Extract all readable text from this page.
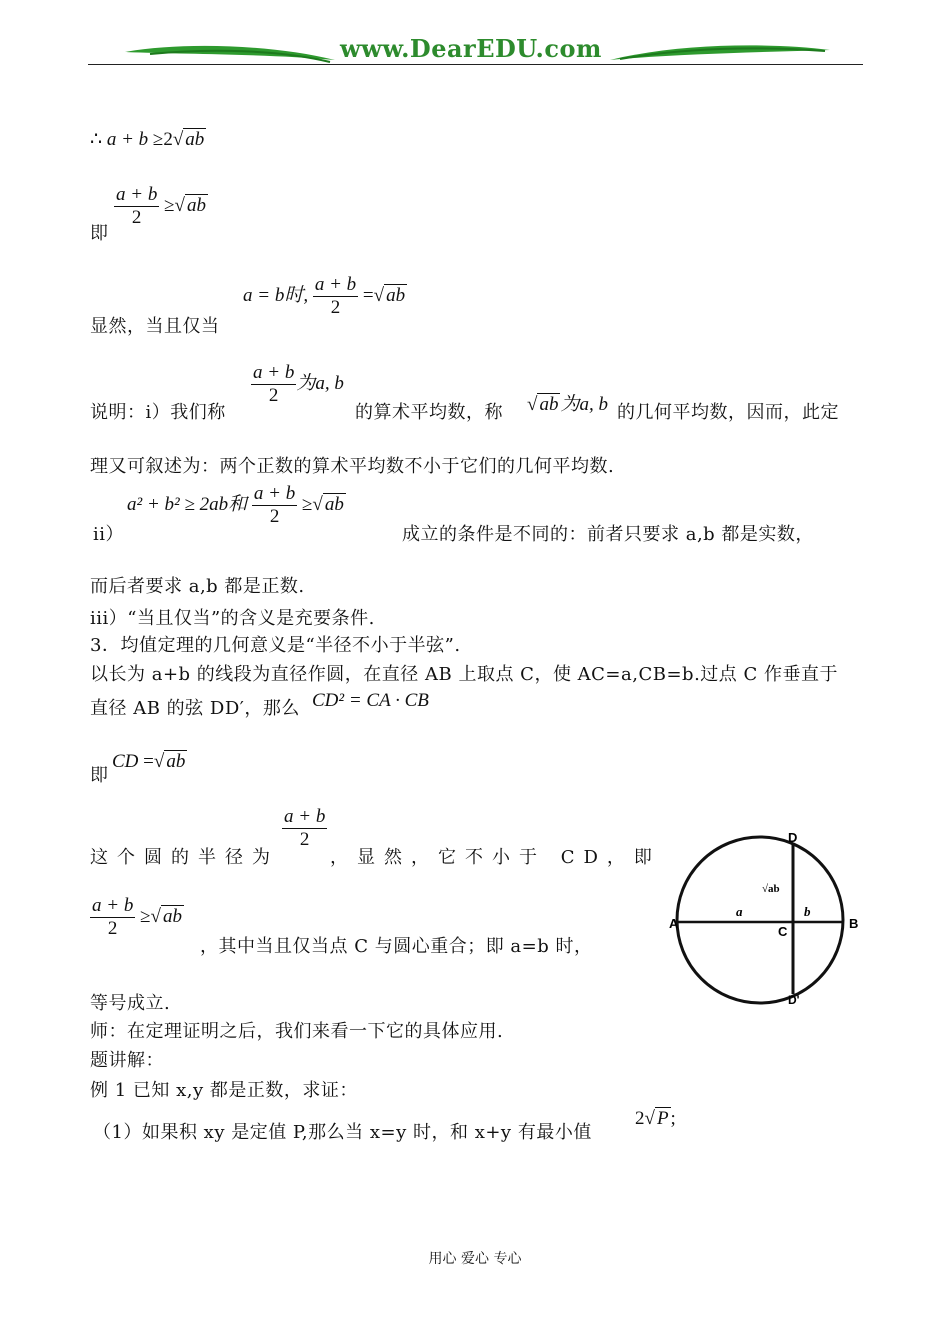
www.DearEDU.com
∴ a + b ≥2√ ab
即
$\frac{a + b}{2}$ ≥√ ab
显然，当且仅当
a = b时, $\frac{a + b}{2}$ =√ ab
说明：i）我们称
$\frac{a + b}{2}$ 为a, b
的算术平均数，称 √ ab 为a, b 的几何平均数，因而，此定
理又可叙述为：两个正数的算术平均数不小于它们的几何平均数.
ii）
a² + b² ≥ 2ab和 $\frac{a + b}{2}$ ≥√ ab
成立的条件是不同的：前者只要求 a,b 都是实数，
而后者要求 a,b 都是正数.
iii）“当且仅当”的含义是充要条件.
3．均值定理的几何意义是“半径不小于半弦”.
以长为 a+b 的线段为直径作圆，在直径 AB 上取点 C，使 AC=a,CB=b.过点 C 作垂直于
直径 AB 的弦 DD′，那么 CD² = CA · CB
即
CD =√ ab
这个圆的半径为
$\frac{a + b}{2}$
，显然，它不小于 CD，即
$\frac{a + b}{2}$ ≥√ ab
，其中当且仅当点 C 与圆心重合；即 a=b 时，
A	B
C
D
D'
a	b
√ab
等号成立.
师：在定理证明之后，我们来看一下它的具体应用.
题讲解：
例 1 已知 x,y 都是正数，求证：
（1）如果积 xy 是定值 P,那么当 x=y 时，和 x+y 有最小值
2√ P ;
用心 爱心 专心
